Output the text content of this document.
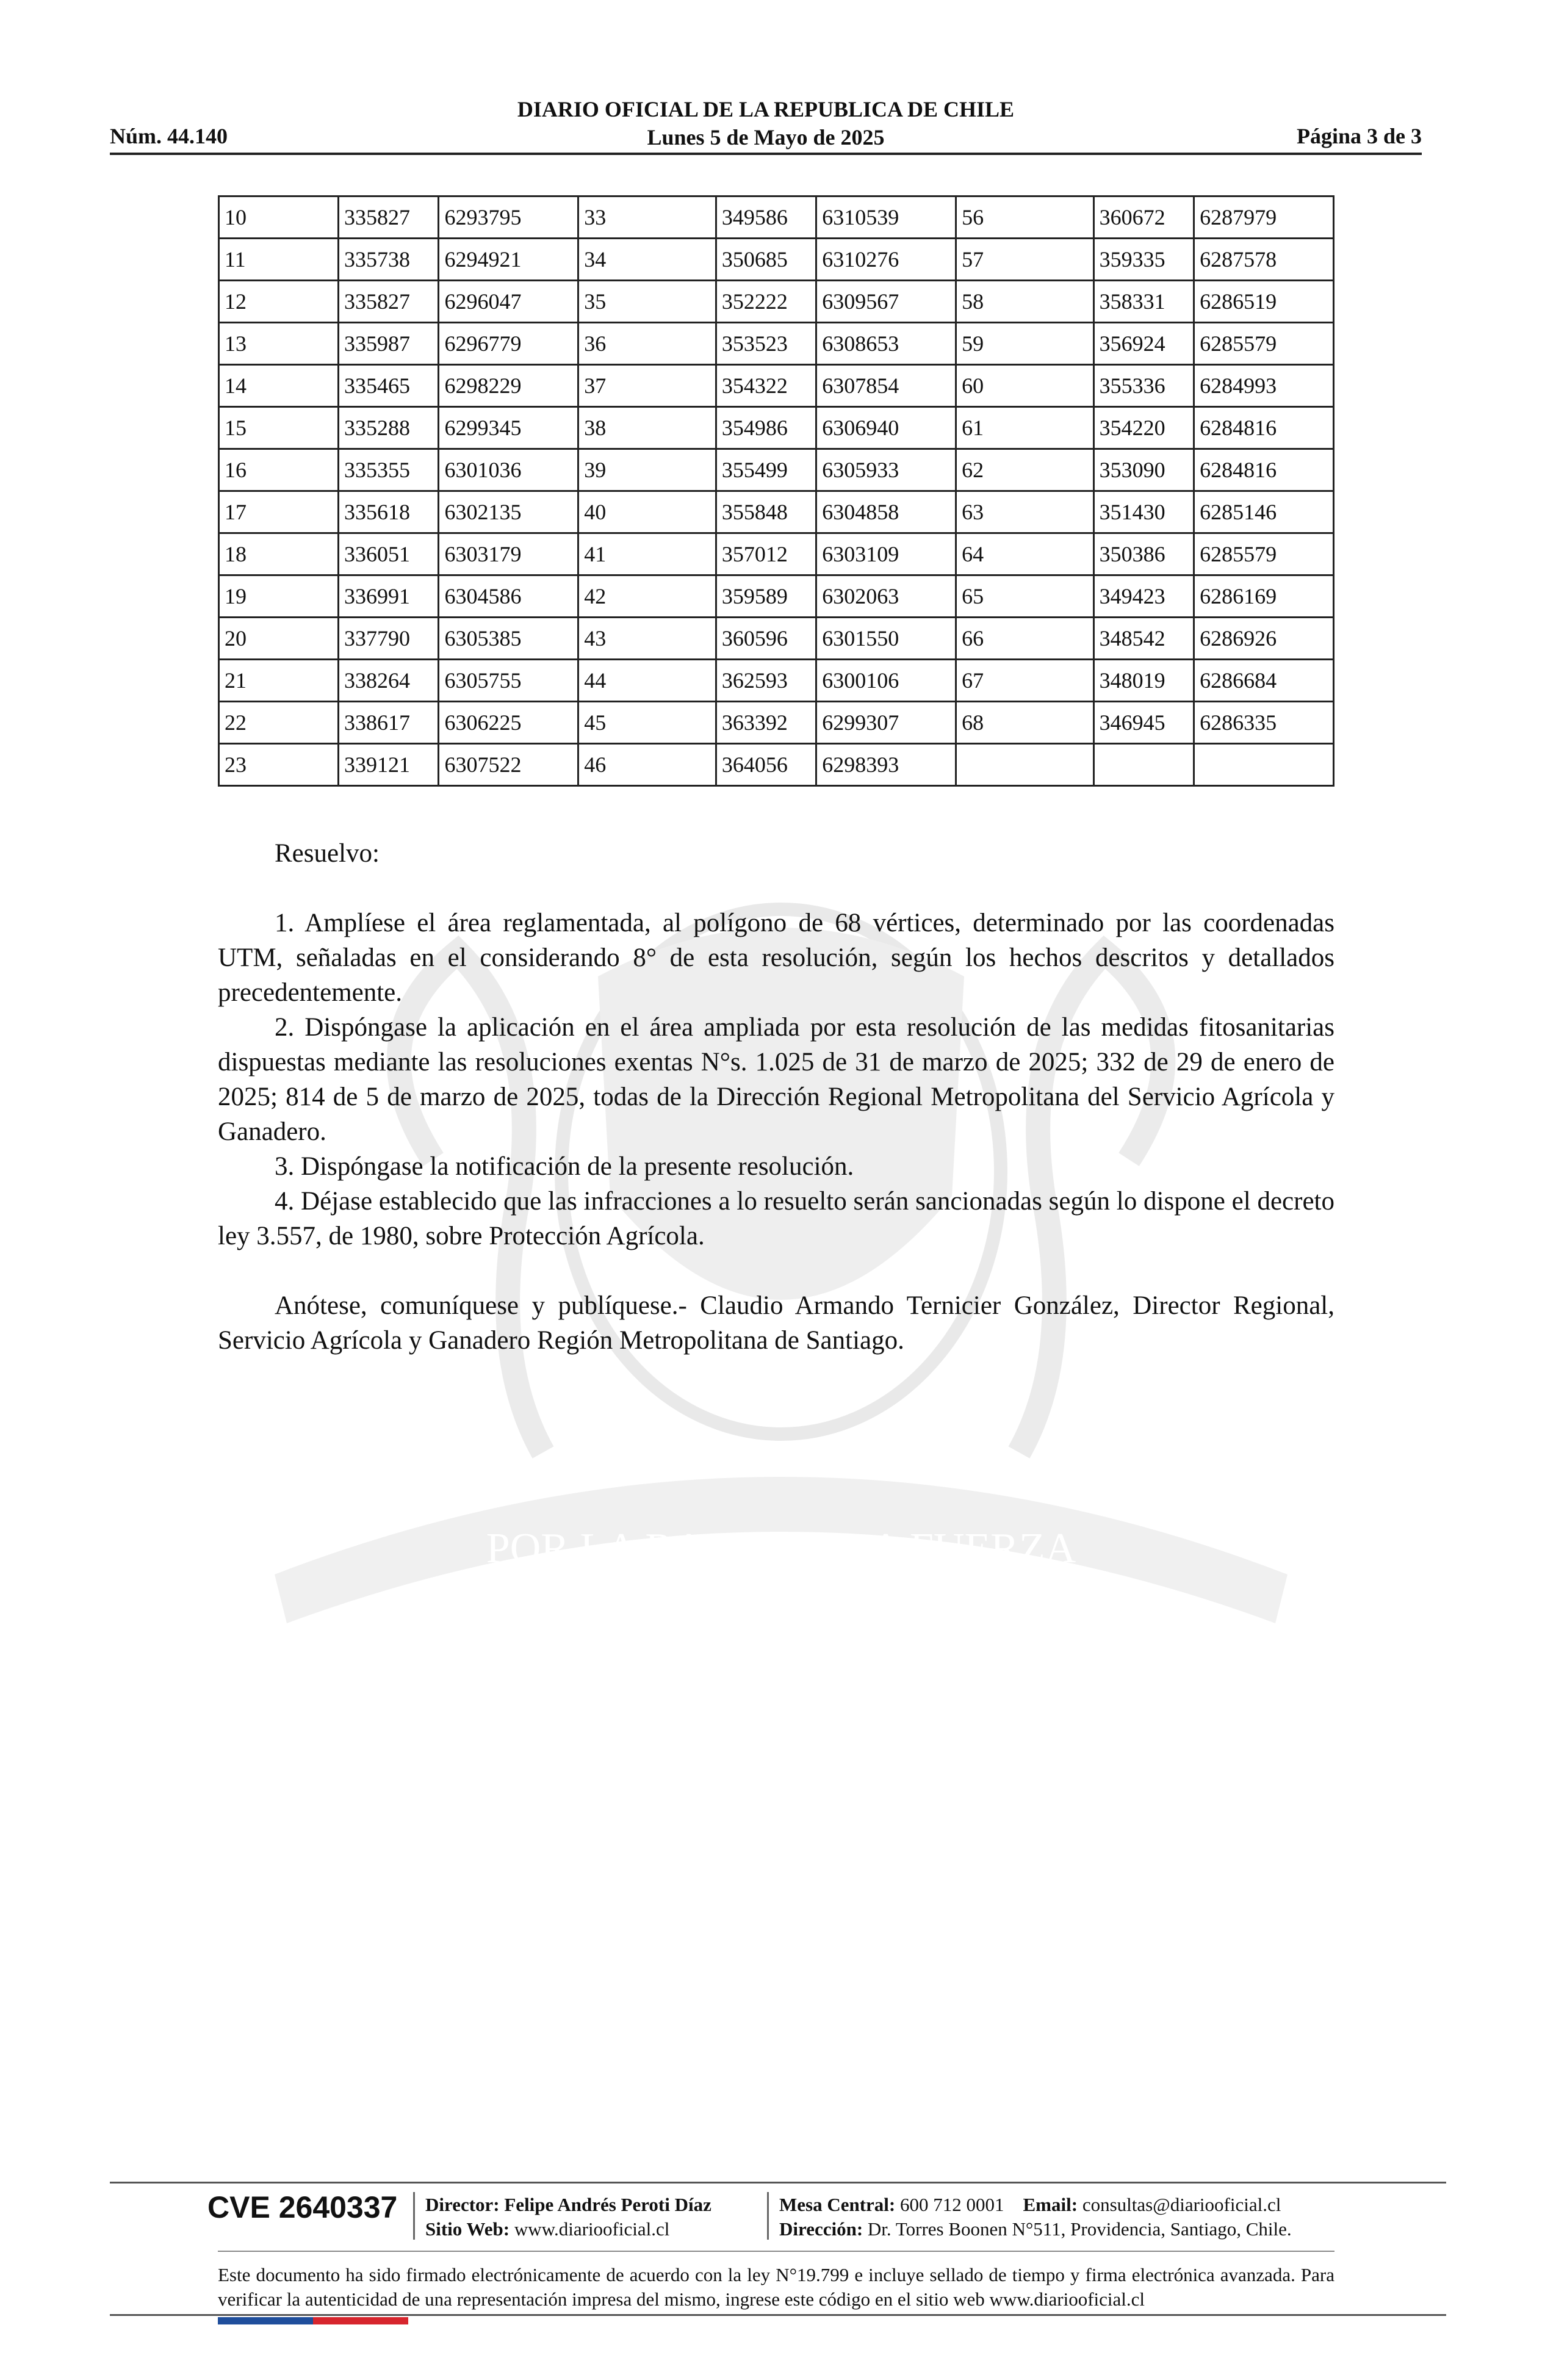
DIARIO OFICIAL DE LA REPUBLICA DE CHILE
Lunes 5 de Mayo de 2025
Núm. 44.140	Página 3 de 3
POR LA RAZON O LA FUERZA
10	335827	6293795	33	349586	6310539	56	360672	6287979
11	335738	6294921	34	350685	6310276	57	359335	6287578
12	335827	6296047	35	352222	6309567	58	358331	6286519
13	335987	6296779	36	353523	6308653	59	356924	6285579
14	335465	6298229	37	354322	6307854	60	355336	6284993
15	335288	6299345	38	354986	6306940	61	354220	6284816
16	335355	6301036	39	355499	6305933	62	353090	6284816
17	335618	6302135	40	355848	6304858	63	351430	6285146
18	336051	6303179	41	357012	6303109	64	350386	6285579
19	336991	6304586	42	359589	6302063	65	349423	6286169
20	337790	6305385	43	360596	6301550	66	348542	6286926
21	338264	6305755	44	362593	6300106	67	348019	6286684
22	338617	6306225	45	363392	6299307	68	346945	6286335
23	339121	6307522	46	364056	6298393			

Resuelvo:

1. Amplíese el área reglamentada, al polígono de 68 vértices, determinado por las coordenadas UTM, señaladas en el considerando 8° de esta resolución, según los hechos descritos y detallados precedentemente.

2. Dispóngase la aplicación en el área ampliada por esta resolución de las medidas fitosanitarias dispuestas mediante las resoluciones exentas N°s. 1.025 de 31 de marzo de 2025; 332 de 29 de enero de 2025; 814 de 5 de marzo de 2025, todas de la Dirección Regional Metropolitana del Servicio Agrícola y Ganadero.

3. Dispóngase la notificación de la presente resolución.

4. Déjase establecido que las infracciones a lo resuelto serán sancionadas según lo dispone el decreto ley 3.557, de 1980, sobre Protección Agrícola.

Anótese, comuníquese y publíquese.- Claudio Armando Ternicier González, Director Regional, Servicio Agrícola y Ganadero Región Metropolitana de Santiago.

CVE 2640337 Director: Felipe Andrés Peroti Díaz
Sitio Web: www.diariooficial.cl
Mesa Central: 600 712 0001 Email: consultas@diariooficial.cl
Dirección: Dr. Torres Boonen N°511, Providencia, Santiago, Chile.
Este documento ha sido firmado electrónicamente de acuerdo con la ley N°19.799 e incluye sellado de tiempo y firma electrónica avanzada. Para verificar la autenticidad de una representación impresa del mismo, ingrese este código en el sitio web www.diariooficial.cl
